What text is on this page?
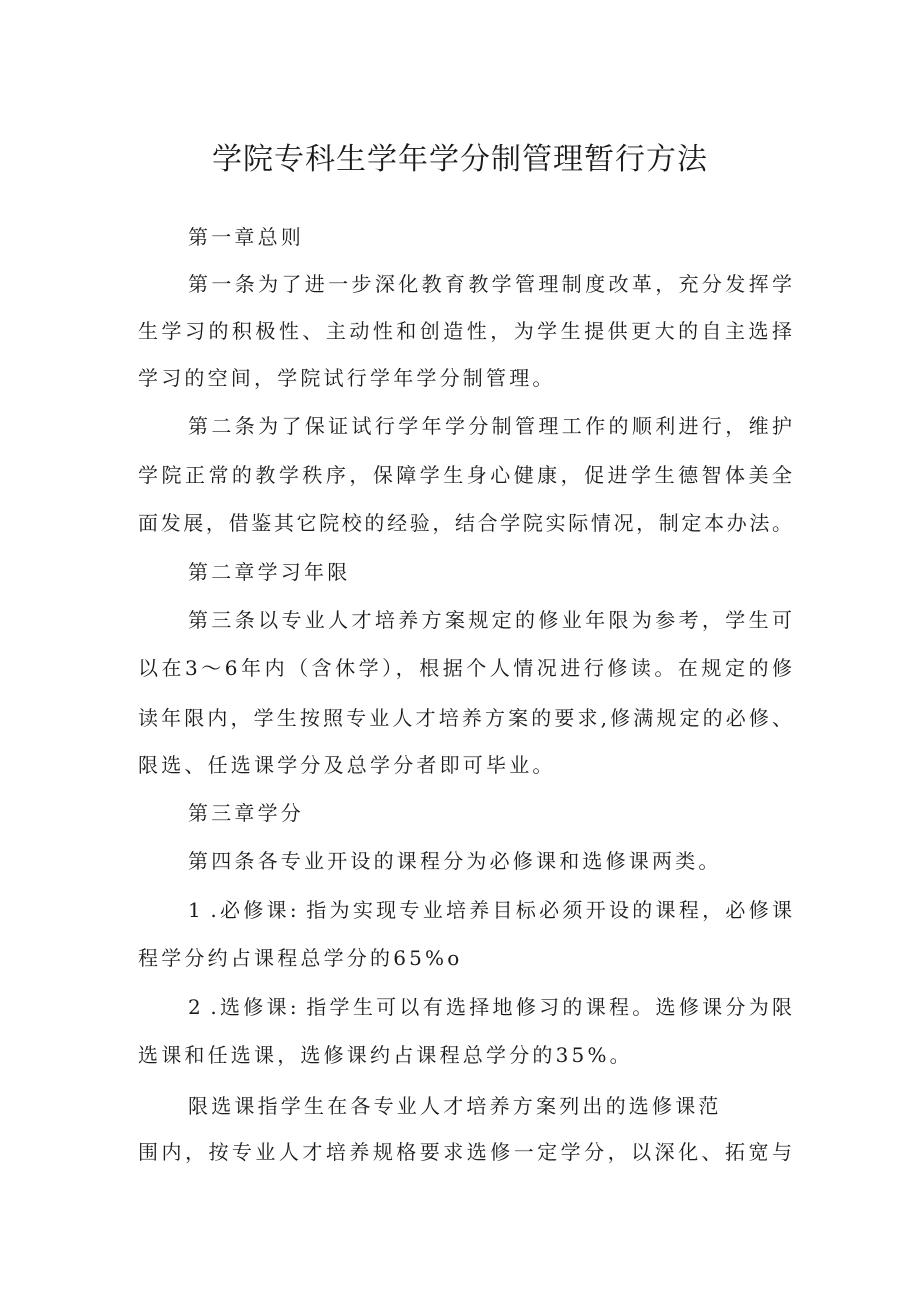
学院专科生学年学分制管理暂行方法
第一章总则
第一条为了进一步深化教育教学管理制度改革，充分发挥学
生学习的积极性、主动性和创造性，为学生提供更大的自主选择
学习的空间，学院试行学年学分制管理。
第二条为了保证试行学年学分制管理工作的顺利进行，维护
学院正常的教学秩序，保障学生身心健康，促进学生德智体美全
面发展，借鉴其它院校的经验，结合学院实际情况，制定本办法。
第二章学习年限
第三条以专业人才培养方案规定的修业年限为参考，学生可
以在3～6年内（含休学），根据个人情况进行修读。在规定的修
读年限内，学生按照专业人才培养方案的要求,修满规定的必修、
限选、任选课学分及总学分者即可毕业。
第三章学分
第四条各专业开设的课程分为必修课和选修课两类。
1 .必修课: 指为实现专业培养目标必须开设的课程，必修课
程学分约占课程总学分的65%o
2 .选修课: 指学生可以有选择地修习的课程。选修课分为限
选课和任选课，选修课约占课程总学分的35%。
限选课指学生在各专业人才培养方案列出的选修课范
围内，按专业人才培养规格要求选修一定学分，以深化、拓宽与
